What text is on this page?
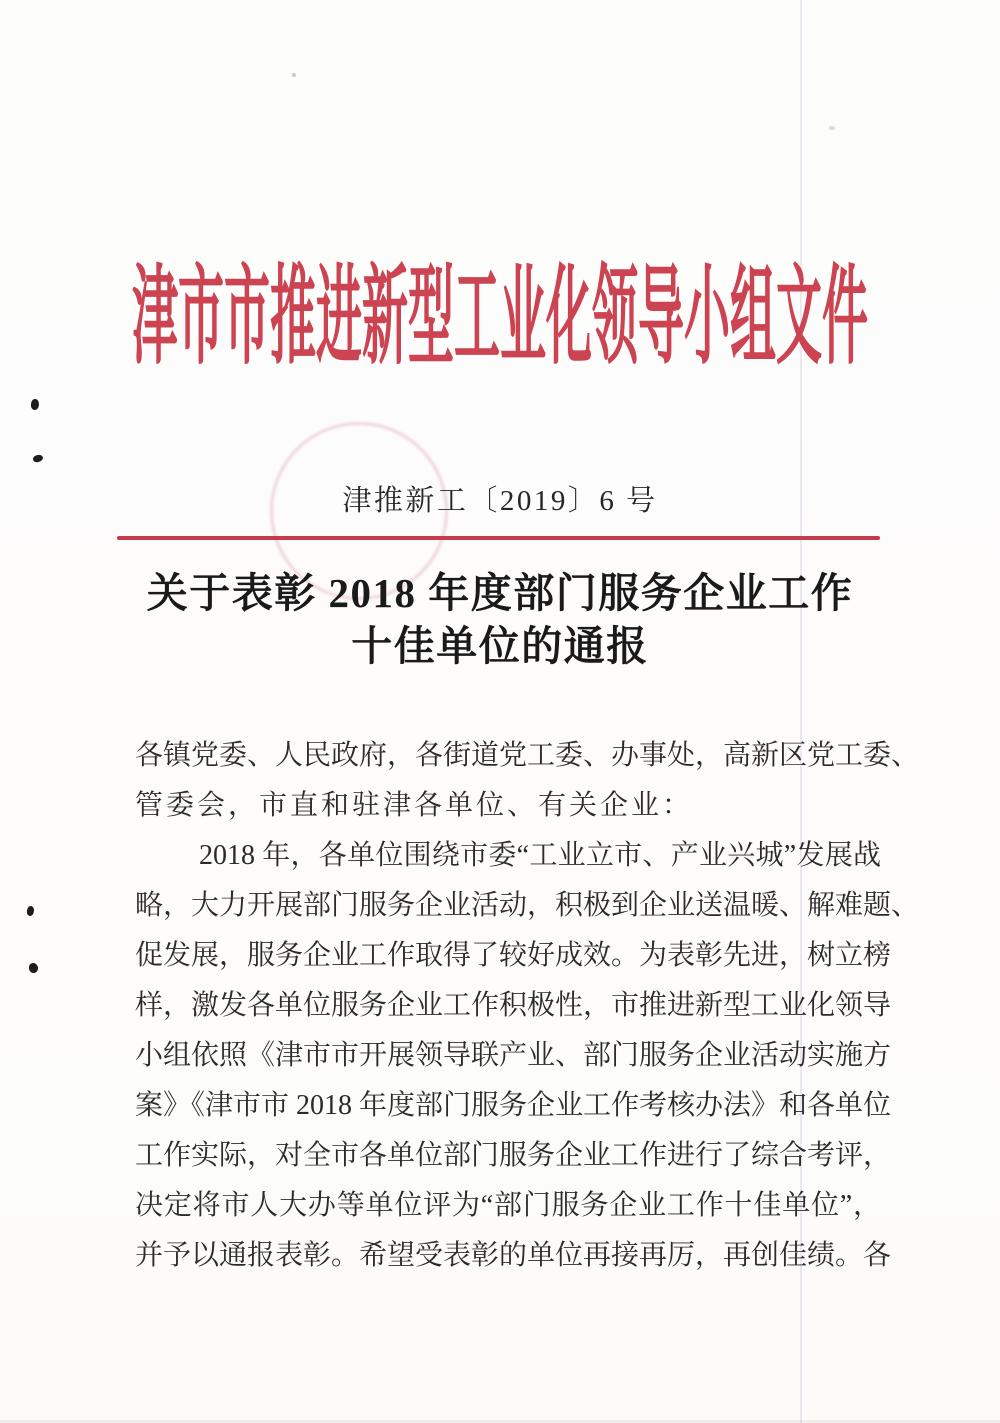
津市市推进新型工业化领导小组文件
津推新工〔2019〕6 号
关于表彰 2018 年度部门服务企业工作
十佳单位的通报
各镇党委、人民政府，各街道党工委、办事处，高新区党工委、
管委会，市直和驻津各单位、有关企业：
2018 年，各单位围绕市委“工业立市、产业兴城”发展战
略，大力开展部门服务企业活动，积极到企业送温暖、解难题、
促发展，服务企业工作取得了较好成效。为表彰先进，树立榜
样，激发各单位服务企业工作积极性，市推进新型工业化领导
小组依照《津市市开展领导联产业、部门服务企业活动实施方
案》《津市市 2018 年度部门服务企业工作考核办法》和各单位
工作实际，对全市各单位部门服务企业工作进行了综合考评，
决定将市人大办等单位评为“部门服务企业工作十佳单位”，
并予以通报表彰。希望受表彰的单位再接再厉，再创佳绩。各
